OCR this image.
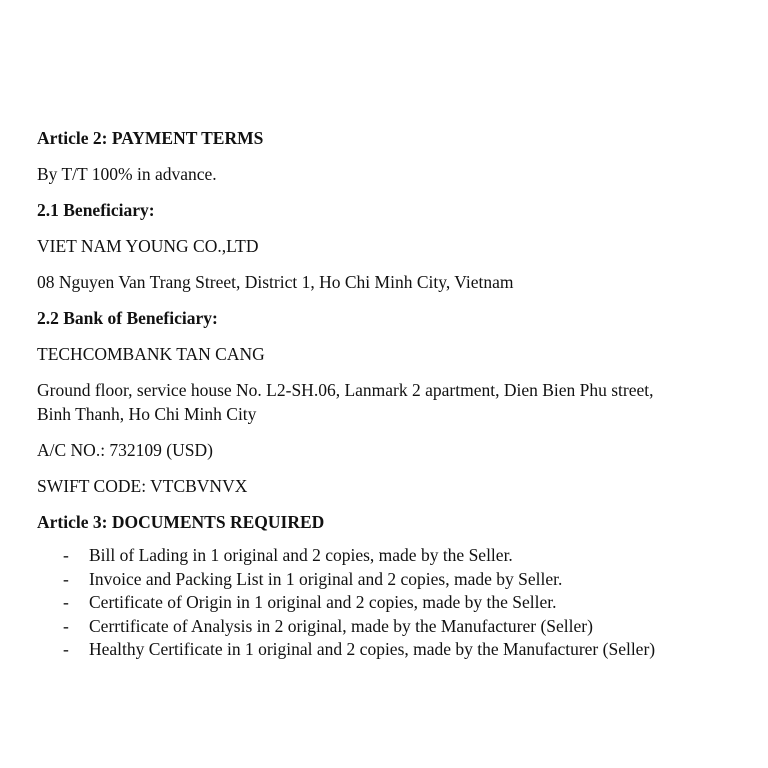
Article 2: PAYMENT TERMS

By T/T 100% in advance.

2.1 Beneficiary:

VIET NAM YOUNG CO.,LTD

08 Nguyen Van Trang Street, District 1, Ho Chi Minh City, Vietnam

2.2 Bank of Beneficiary:

TECHCOMBANK TAN CANG

Ground floor, service house No. L2-SH.06, Lanmark 2 apartment, Dien Bien Phu street,
Binh Thanh, Ho Chi Minh City

A/C NO.: 732109 (USD)

SWIFT CODE: VTCBVNVX

Article 3: DOCUMENTS REQUIRED

- Bill of Lading in 1 original and 2 copies, made by the Seller.
- Invoice and Packing List in 1 original and 2 copies, made by Seller.
- Certificate of Origin in 1 original and 2 copies, made by the Seller.
- Cerrtificate of Analysis in 2 original, made by the Manufacturer (Seller)
- Healthy Certificate in 1 original and 2 copies, made by the Manufacturer (Seller)
